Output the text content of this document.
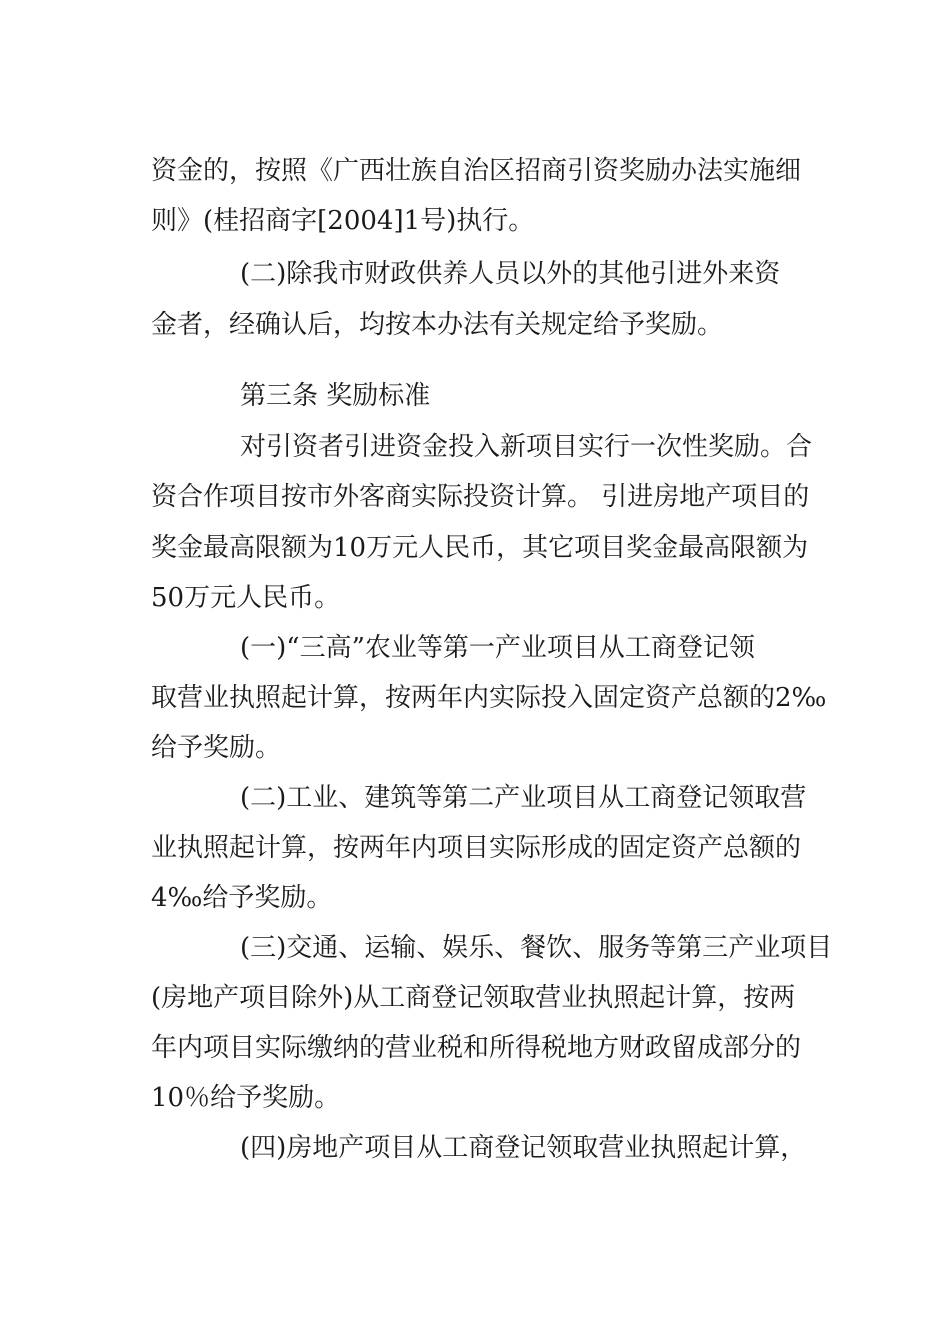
资金的，按照《广西壮族自治区招商引资奖励办法实施细
则》(桂招商字[2004]1号)执行。
(二)除我市财政供养人员以外的其他引进外来资
金者，经确认后，均按本办法有关规定给予奖励。
第三条 奖励标准
对引资者引进资金投入新项目实行一次性奖励。合
资合作项目按市外客商实际投资计算。 引进房地产项目的
奖金最高限额为10万元人民币，其它项目奖金最高限额为
50万元人民币。
(一)“三高”农业等第一产业项目从工商登记领
取营业执照起计算，按两年内实际投入固定资产总额的2‰
给予奖励。
(二)工业、建筑等第二产业项目从工商登记领取营
业执照起计算，按两年内项目实际形成的固定资产总额的
4‰给予奖励。
(三)交通、运输、娱乐、餐饮、服务等第三产业项目
(房地产项目除外)从工商登记领取营业执照起计算，按两
年内项目实际缴纳的营业税和所得税地方财政留成部分的
10％给予奖励。
(四)房地产项目从工商登记领取营业执照起计算，
